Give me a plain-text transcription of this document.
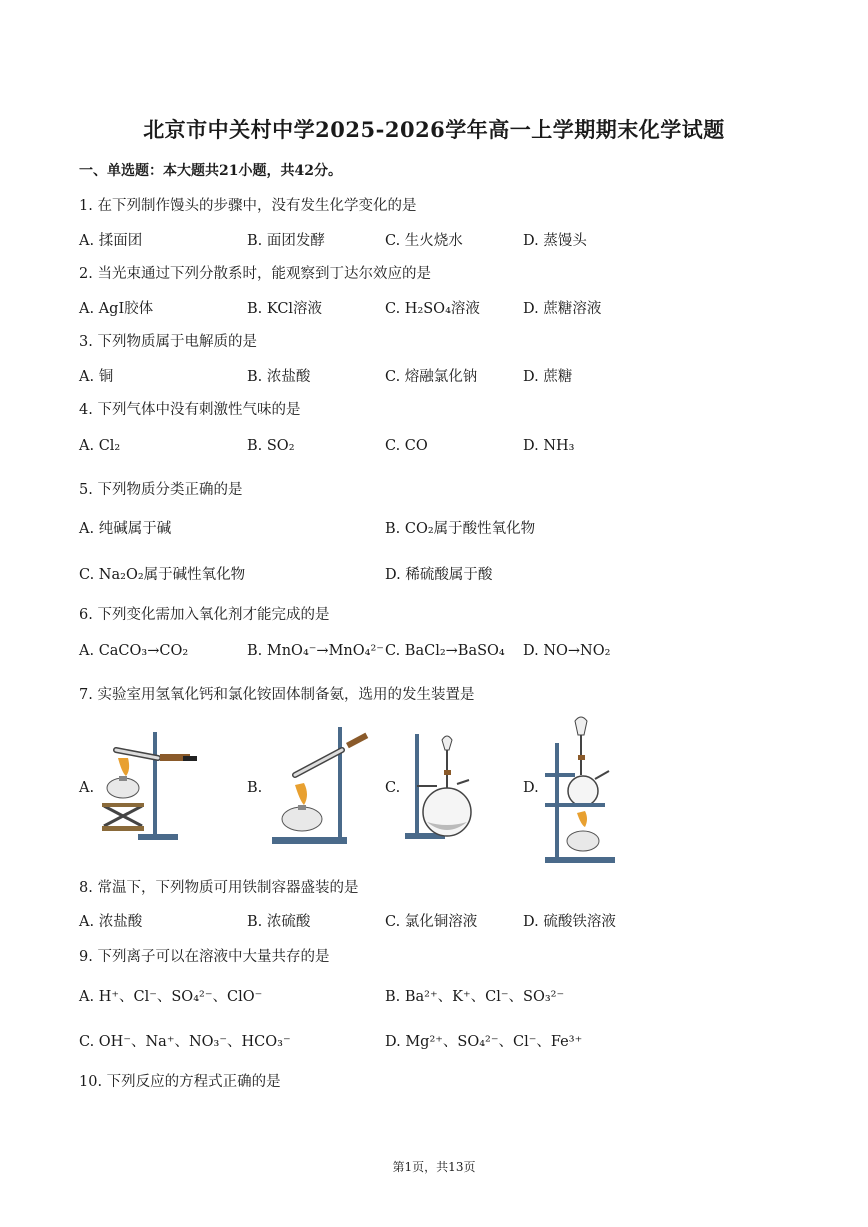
北京市中关村中学2025-2026学年高一上学期期末化学试题
一、单选题：本大题共21小题，共42分。
1. 在下列制作馒头的步骤中，没有发生化学变化的是
A. 揉面团	B. 面团发酵	C. 生火烧水	D. 蒸馒头
2. 当光束通过下列分散系时，能观察到丁达尔效应的是
A. AgI胶体	B. KCl溶液	C. H₂SO₄溶液	D. 蔗糖溶液
3. 下列物质属于电解质的是
A. 铜	B. 浓盐酸	C. 熔融氯化钠	D. 蔗糖
4. 下列气体中没有刺激性气味的是
A. Cl₂	B. SO₂	C. CO	D. NH₃
5. 下列物质分类正确的是
A. 纯碱属于碱	B. CO₂属于酸性氧化物
C. Na₂O₂属于碱性氧化物	D. 稀硫酸属于酸
6. 下列变化需加入氧化剂才能完成的是
A. CaCO₃→CO₂	B. MnO₄⁻→MnO₄²⁻ C. BaCl₂→BaSO₄ D. NO→NO₂
7. 实验室用氢氧化钙和氯化铵固体制备氨，选用的发生装置是
A.	B.	C.	D.
8. 常温下，下列物质可用铁制容器盛装的是
A. 浓盐酸	B. 浓硫酸	C. 氯化铜溶液	D. 硫酸铁溶液
9. 下列离子可以在溶液中大量共存的是
A. H⁺、Cl⁻、SO₄²⁻、ClO⁻	B. Ba²⁺、K⁺、Cl⁻、SO₃²⁻
C. OH⁻、Na⁺、NO₃⁻、HCO₃⁻	D. Mg²⁺、SO₄²⁻、Cl⁻、Fe³⁺
10. 下列反应的方程式正确的是
第1页，共13页
